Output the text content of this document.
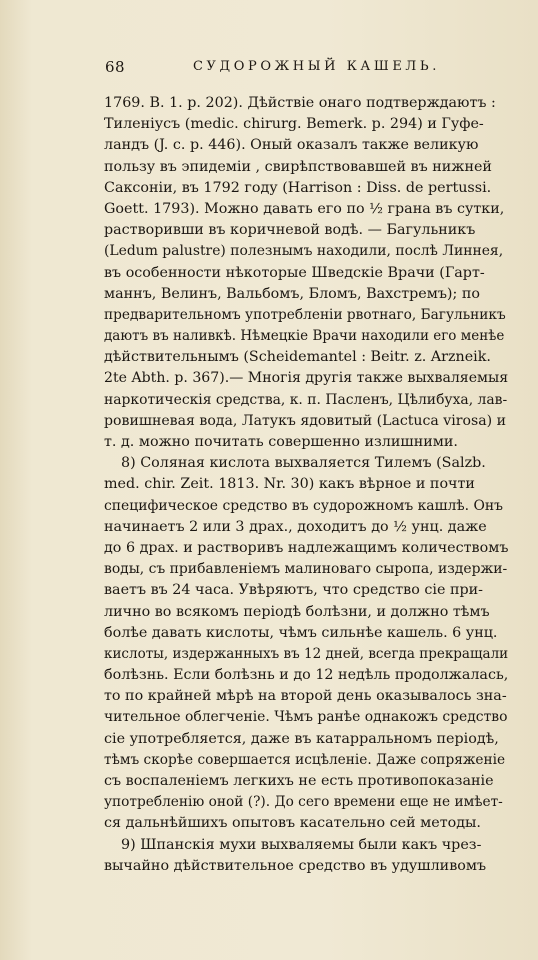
68	СУДОРОЖНЫЙ КАШЕЛЬ.
1769. B. 1. p. 202). Дѣйствіе онаго подтверждаютъ :
Тиленіусъ (medic. chirurg. Bemerk. p. 294) и Гуфе-
ландъ (J. c. p. 446). Оный оказалъ также великую
пользу въ эпидеміи , свирѣпствовавшей въ нижней
Саксоніи, въ 1792 году (Harrison : Diss. de pertussi.
Goett. 1793). Можно давать его по ½ грана въ сутки,
растворивши въ коричневой водѣ. — Багульникъ
(Ledum palustre) полезнымъ находили, послѣ Линнея,
въ особенности нѣкоторые Шведскіе Врачи (Гарт-
маннъ, Велинъ, Вальбомъ, Бломъ, Вахстремъ); по
предварительномъ употребленіи рвотнаго, Багульникъ
даютъ въ наливкѣ. Нѣмецкіе Врачи находили его менѣе
дѣйствительнымъ (Scheidemantel : Beitr. z. Arzneik.
2te Abth. p. 367).— Многія другія также выхваляемыя
наркотическія средства, к. п. Пасленъ, Цѣлибуха, лав-
ровишневая вода, Латукъ ядовитый (Lactuca virosa) и
т. д. можно почитать совершенно излишними.
8) Соляная кислота выхваляется Тилемъ (Salzb.
med. chir. Zeit. 1813. Nr. 30) какъ вѣрное и почти
специфическое средство въ судорожномъ кашлѣ. Онъ
начинаетъ 2 или 3 драх., доходитъ до ½ унц. даже
до 6 драх. и растворивъ надлежащимъ количествомъ
воды, съ прибавленіемъ малиноваго сыропа, издержи-
ваетъ въ 24 часа. Увѣряютъ, что средство сіе при-
лично во всякомъ періодѣ болѣзни, и должно тѣмъ
болѣе давать кислоты, чѣмъ сильнѣе кашель. 6 унц.
кислоты, издержанныхъ въ 12 дней, всегда прекращали
болѣзнь. Если болѣзнь и до 12 недѣль продолжалась,
то по крайней мѣрѣ на второй день оказывалось зна-
чительное облегченіе. Чѣмъ ранѣе однакожъ средство
сіе употребляется, даже въ катарральномъ періодѣ,
тѣмъ скорѣе совершается исцѣленіе. Даже сопряженіе
съ воспаленіемъ легкихъ не есть противопоказаніе
употребленію оной (?). До сего времени еще не имѣет-
ся дальнѣйшихъ опытовъ касательно сей методы.
9) Шпанскія мухи выхваляемы были какъ чрез-
вычайно дѣйствительное средство въ удушливомъ
